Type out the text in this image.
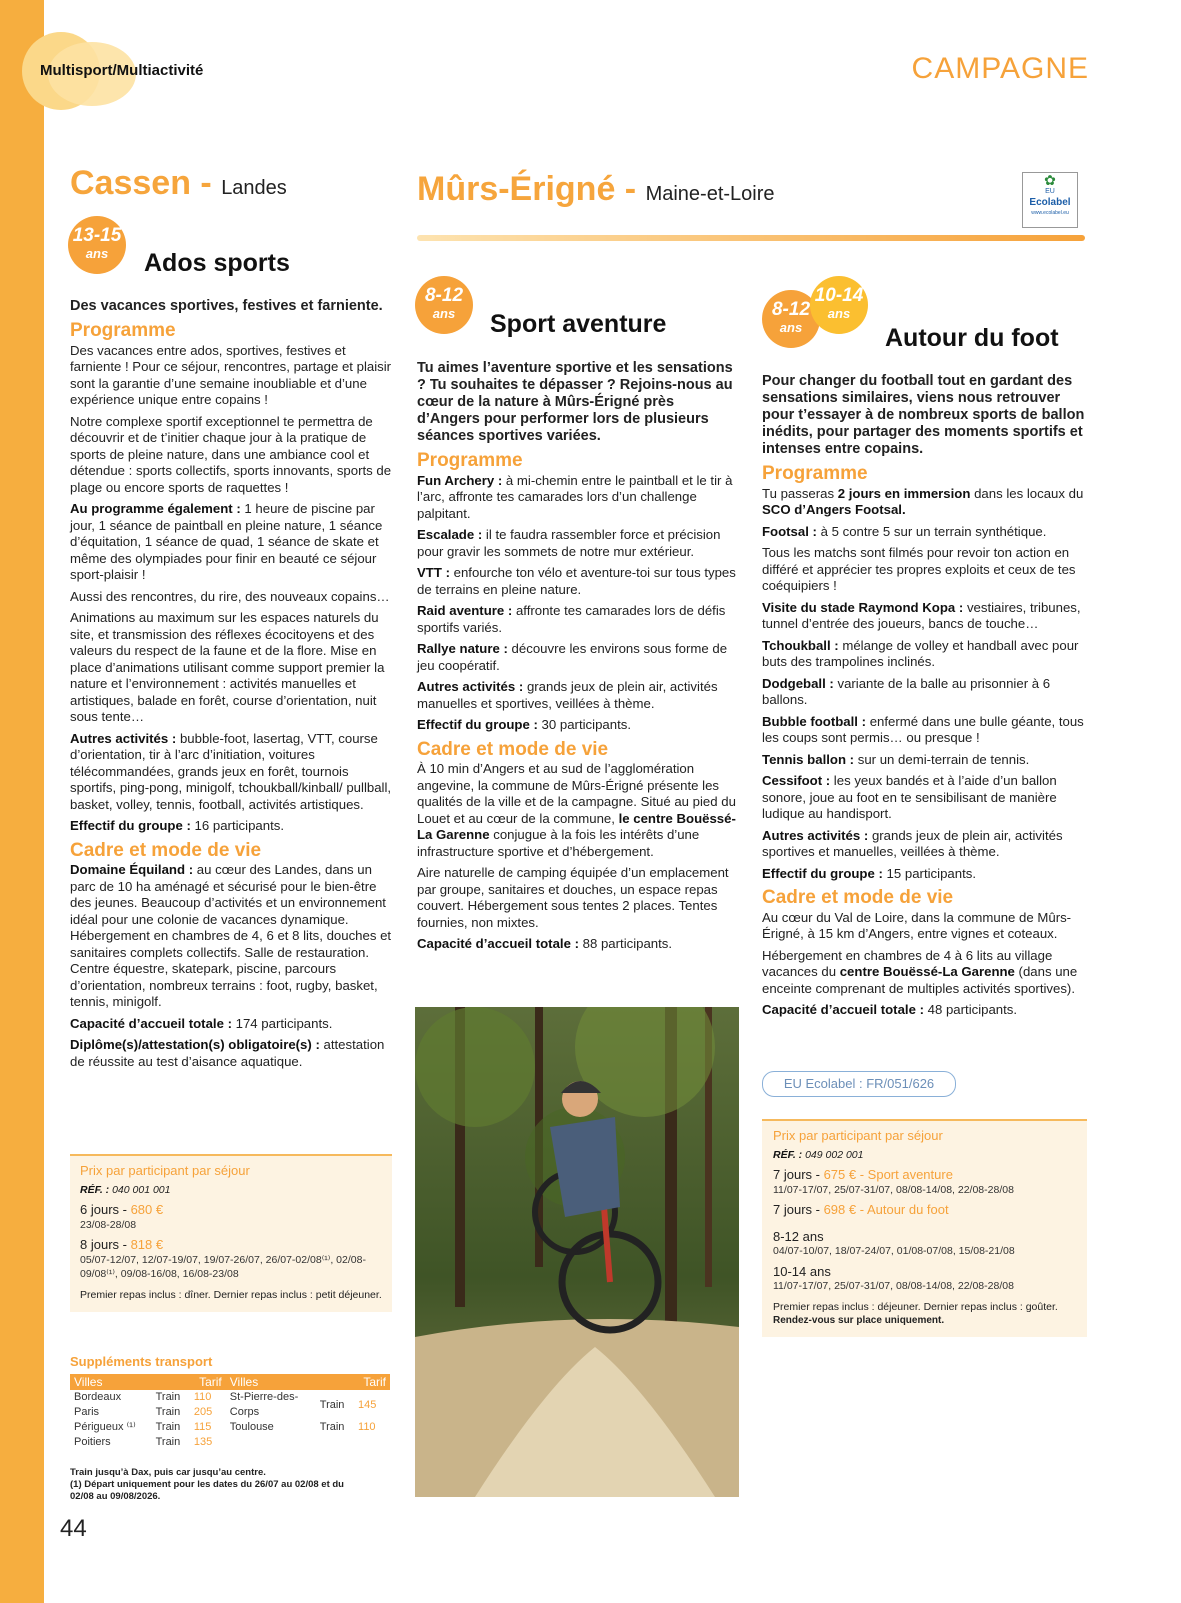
Multisport/Multiactivité	CAMPAGNE
Cassen - Landes
13-15
ans	Ados sports

Des vacances sportives, festives et farniente.

Programme

Des vacances entre ados, sportives, festives et farniente ! Pour ce séjour, rencontres, partage et plaisir sont la garantie d’une semaine inoubliable et d’une expérience unique entre copains !

Notre complexe sportif exceptionnel te permettra de découvrir et de t’initier chaque jour à la pratique de sports de pleine nature, dans une ambiance cool et détendue : sports collectifs, sports innovants, sports de plage ou encore sports de raquettes !

Au programme également : 1 heure de piscine par jour, 1 séance de paintball en pleine nature, 1 séance d’équitation, 1 séance de quad, 1 séance de skate et même des olympiades pour finir en beauté ce séjour sport-plaisir !

Aussi des rencontres, du rire, des nouveaux copains…

Animations au maximum sur les espaces naturels du site, et transmission des réflexes écocitoyens et des valeurs du respect de la faune et de la flore. Mise en place d’animations utilisant comme support premier la nature et l’environnement : activités manuelles et artistiques, balade en forêt, course d’orientation, nuit sous tente…

Autres activités : bubble-foot, lasertag, VTT, course d’orientation, tir à l’arc d’initiation, voitures télécommandées, grands jeux en forêt, tournois sportifs, ping-pong, minigolf, tchoukball/kinball/ pullball, basket, volley, tennis, football, activités artistiques.

Effectif du groupe : 16 participants.

Cadre et mode de vie

Domaine Équiland : au cœur des Landes, dans un parc de 10 ha aménagé et sécurisé pour le bien-être des jeunes. Beaucoup d’activités et un environnement idéal pour une colonie de vacances dynamique. Hébergement en chambres de 4, 6 et 8 lits, douches et sanitaires complets collectifs. Salle de restauration. Centre équestre, skatepark, piscine, parcours d’orientation, nombreux terrains : foot, rugby, basket, tennis, minigolf.

Capacité d’accueil totale : 174 participants.

Diplôme(s)/attestation(s) obligatoire(s) : attestation de réussite au test d’aisance aquatique.

Prix par participant par séjour
RÉF. : 040 001 001
6 jours - 680 €
23/08-28/08
8 jours - 818 €
05/07-12/07, 12/07-19/07, 19/07-26/07, 26/07-02/08⁽¹⁾, 02/08-09/08⁽¹⁾, 09/08-16/08, 16/08-23/08
Premier repas inclus : dîner. Dernier repas inclus : petit déjeuner.
Suppléments transport
Villes		Tarif	Villes		Tarif
Bordeaux	Train	110	St-Pierre-des-Corps	Train	145
Paris	Train	205			
Périgueux ⁽¹⁾	Train	115	Toulouse	Train	110
Poitiers	Train	135			
Train jusqu’à Dax, puis car jusqu’au centre.
(1) Départ uniquement pour les dates du 26/07 au 02/08 et du 02/08 au 09/08/2026.
Mûrs-Érigné - Maine-et-Loire
✿
EU
Ecolabel
www.ecolabel.eu
8-12
ans	Sport aventure

Tu aimes l’aventure sportive et les sensations ? Tu souhaites te dépasser ? Rejoins-nous au cœur de la nature à Mûrs-Érigné près d’Angers pour performer lors de plusieurs séances sportives variées.

Programme

Fun Archery : à mi-chemin entre le paintball et le tir à l’arc, affronte tes camarades lors d’un challenge palpitant.

Escalade : il te faudra rassembler force et précision pour gravir les sommets de notre mur extérieur.

VTT : enfourche ton vélo et aventure-toi sur tous types de terrains en pleine nature.

Raid aventure : affronte tes camarades lors de défis sportifs variés.

Rallye nature : découvre les environs sous forme de jeu coopératif.

Autres activités : grands jeux de plein air, activités manuelles et sportives, veillées à thème.

Effectif du groupe : 30 participants.

Cadre et mode de vie

À 10 min d’Angers et au sud de l’agglomération angevine, la commune de Mûrs-Érigné présente les qualités de la ville et de la campagne. Situé au pied du Louet et au cœur de la commune, le centre Bouëssé-La Garenne conjugue à la fois les intérêts d’une infrastructure sportive et d’hébergement.

Aire naturelle de camping équipée d’un emplacement par groupe, sanitaires et douches, un espace repas couvert. Hébergement sous tentes 2 places. Tentes fournies, non mixtes.

Capacité d’accueil totale : 88 participants.

8-12
ans
10-14
ans
Autour du foot

Pour changer du football tout en gardant des sensations similaires, viens nous retrouver pour t’essayer à de nombreux sports de ballon inédits, pour partager des moments sportifs et intenses entre copains.

Programme

Tu passeras 2 jours en immersion dans les locaux du SCO d’Angers Footsal.

Footsal : à 5 contre 5 sur un terrain synthétique.

Tous les matchs sont filmés pour revoir ton action en différé et apprécier tes propres exploits et ceux de tes coéquipiers !

Visite du stade Raymond Kopa : vestiaires, tribunes, tunnel d’entrée des joueurs, bancs de touche…

Tchoukball : mélange de volley et handball avec pour buts des trampolines inclinés.

Dodgeball : variante de la balle au prisonnier à 6 ballons.

Bubble football : enfermé dans une bulle géante, tous les coups sont permis… ou presque !

Tennis ballon : sur un demi-terrain de tennis.

Cessifoot : les yeux bandés et à l’aide d’un ballon sonore, joue au foot en te sensibilisant de manière ludique au handisport.

Autres activités : grands jeux de plein air, activités sportives et manuelles, veillées à thème.

Effectif du groupe : 15 participants.

Cadre et mode de vie

Au cœur du Val de Loire, dans la commune de Mûrs-Érigné, à 15 km d’Angers, entre vignes et coteaux.

Hébergement en chambres de 4 à 6 lits au village vacances du centre Bouëssé-La Garenne (dans une enceinte comprenant de multiples activités sportives).

Capacité d’accueil totale : 48 participants.

EU Ecolabel : FR/051/626
Prix par participant par séjour
RÉF. : 049 002 001
7 jours - 675 € - Sport aventure
11/07-17/07, 25/07-31/07, 08/08-14/08, 22/08-28/08
7 jours - 698 € - Autour du foot
8-12 ans
04/07-10/07, 18/07-24/07, 01/08-07/08, 15/08-21/08
10-14 ans
11/07-17/07, 25/07-31/07, 08/08-14/08, 22/08-28/08
Premier repas inclus : déjeuner. Dernier repas inclus : goûter.
Rendez-vous sur place uniquement.
44
